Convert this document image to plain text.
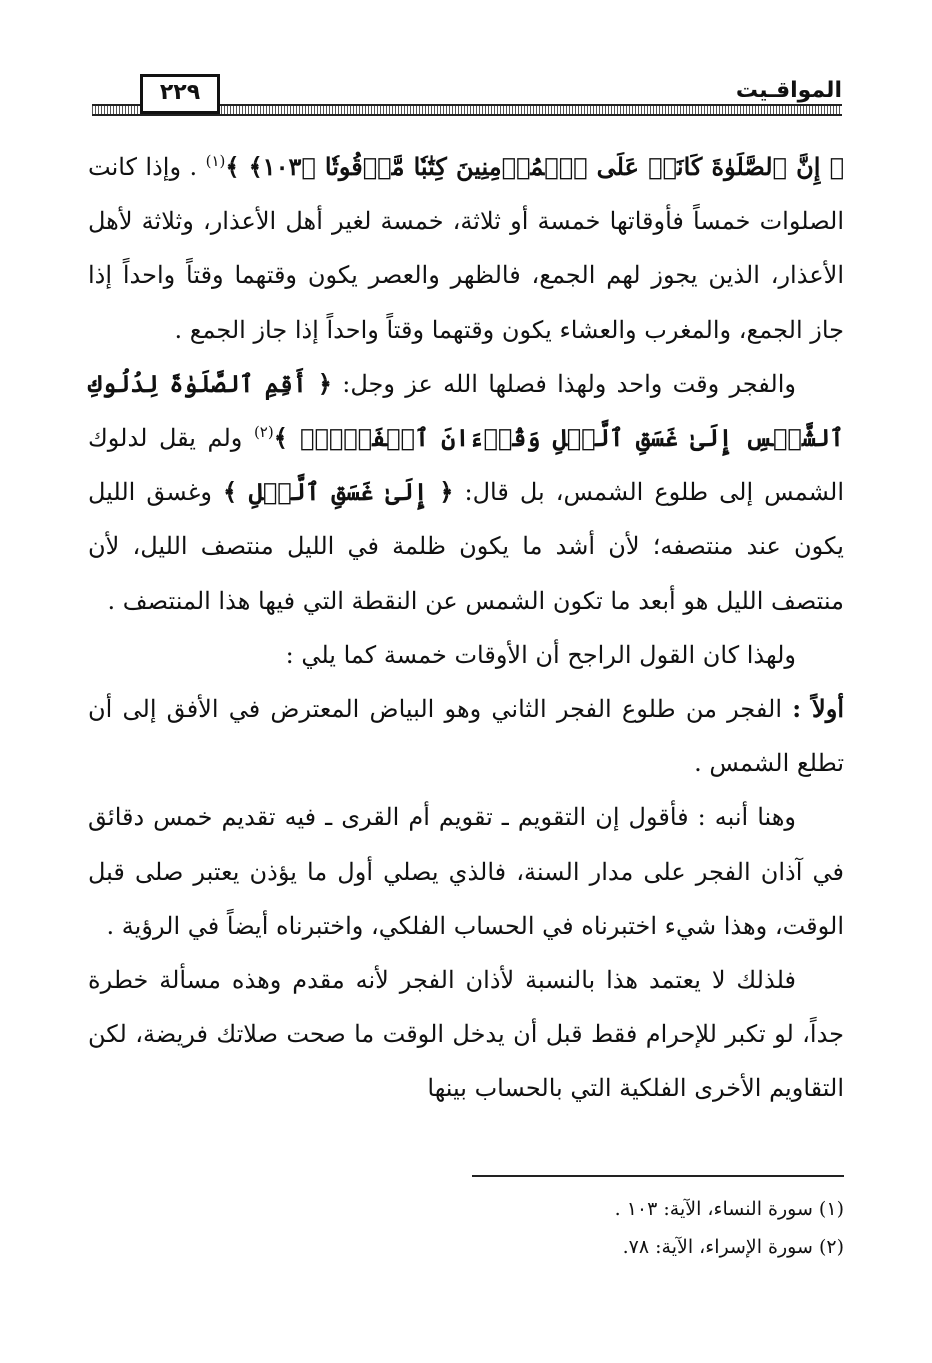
المواقـيت
٢٢٩

﴿ إِنَّ ٱلصَّلَوٰةَ كَانَتۡ عَلَى ٱلۡمُؤۡمِنِينَ كِتَٰبٗا مَّوۡقُوتٗا ﴿١٠٣﴾ ﴾$^{(١)}$ . وإذا كانت الصلوات خمساً فأوقاتها خمسة أو ثلاثة، خمسة لغير أهل الأعذار، وثلاثة لأهل الأعذار، الذين يجوز لهم الجمع، فالظهر والعصر يكون وقتهما وقتاً واحداً إذا جاز الجمع، والمغرب والعشاء يكون وقتهما وقتاً واحداً إذا جاز الجمع .

والفجر وقت واحد ولهذا فصلها الله عز وجل: ﴿ أَقِمِ ٱلصَّلَوٰةَ لِدُلُوكِ ٱلشَّمۡسِ إِلَىٰ غَسَقِ ٱلَّيۡلِ وَقُرۡءَانَ ٱلۡفَجۡرِۖ ﴾$^{(٢)}$ ولم يقل لدلوك الشمس إلى طلوع الشمس، بل قال: ﴿ إِلَىٰ غَسَقِ ٱلَّيۡلِ ﴾ وغسق الليل يكون عند منتصفه؛ لأن أشد ما يكون ظلمة في الليل منتصف الليل، لأن منتصف الليل هو أبعد ما تكون الشمس عن النقطة التي فيها هذا المنتصف .

ولهذا كان القول الراجح أن الأوقات خمسة كما يلي :

أولاً : الفجر من طلوع الفجر الثاني وهو البياض المعترض في الأفق إلى أن تطلع الشمس .

وهنا أنبه : فأقول إن التقويم ـ تقويم أم القرى ـ فيه تقديم خمس دقائق في آذان الفجر على مدار السنة، فالذي يصلي أول ما يؤذن يعتبر صلى قبل الوقت، وهذا شيء اختبرناه في الحساب الفلكي، واختبرناه أيضاً في الرؤية .

فلذلك لا يعتمد هذا بالنسبة لأذان الفجر لأنه مقدم وهذه مسألة خطرة جداً، لو تكبر للإحرام فقط قبل أن يدخل الوقت ما صحت صلاتك فريضة، لكن التقاويم الأخرى الفلكية التي بالحساب بينها

(١) سورة النساء، الآية: ١٠٣ .
(٢) سورة الإسراء، الآية: ٧٨.
